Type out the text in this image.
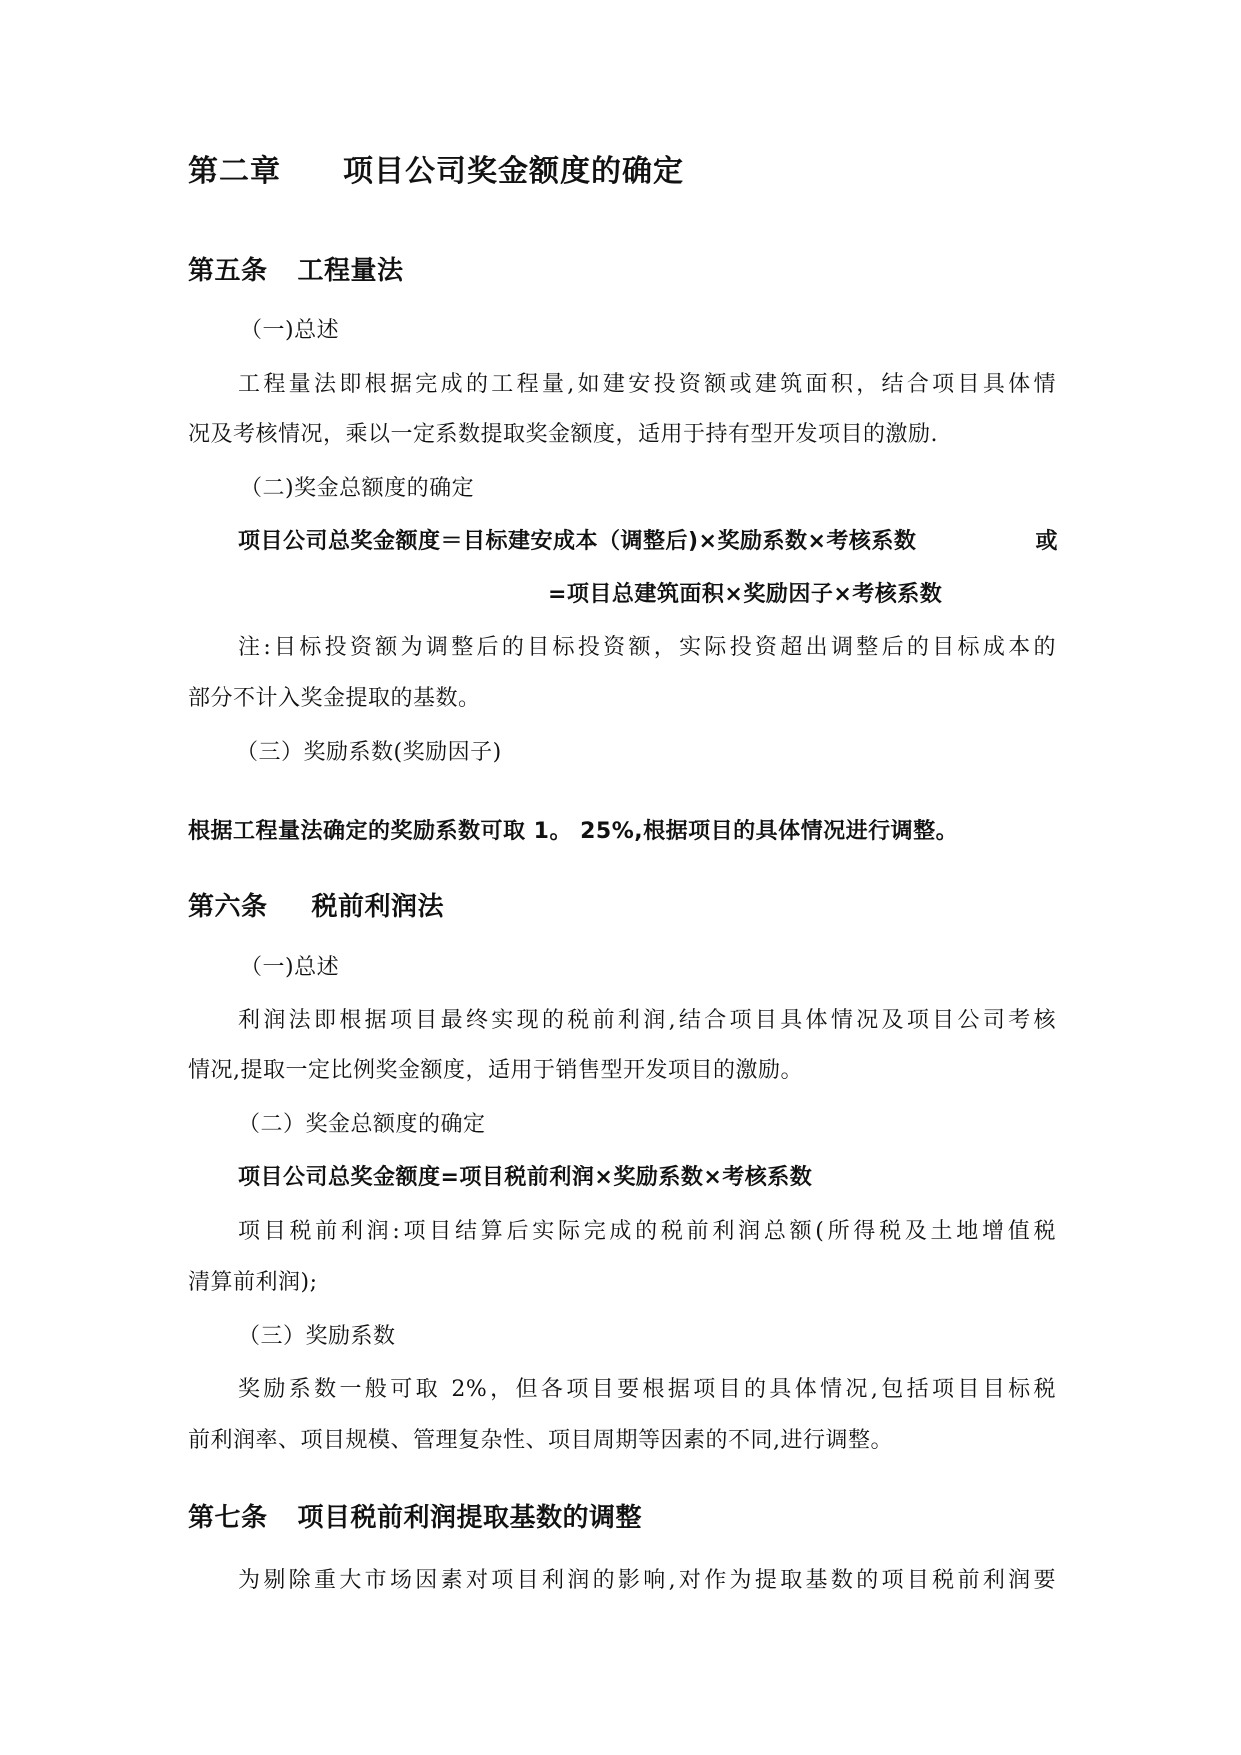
第二章 项目公司奖金额度的确定
第五条 工程量法
（一)总述
工程量法即根据完成的工程量,如建安投资额或建筑面积，结合项目具体情
况及考核情况，乘以一定系数提取奖金额度，适用于持有型开发项目的激励.
（二)奖金总额度的确定
项目公司总奖金额度＝目标建安成本（调整后)×奖励系数×考核系数	或
=项目总建筑面积×奖励因子×考核系数
注:目标投资额为调整后的目标投资额，实际投资超出调整后的目标成本的
部分不计入奖金提取的基数。
（三）奖励系数(奖励因子)
根据工程量法确定的奖励系数可取 1。 25%,根据项目的具体情况进行调整。
第六条 税前利润法
（一)总述
利润法即根据项目最终实现的税前利润,结合项目具体情况及项目公司考核
情况,提取一定比例奖金额度，适用于销售型开发项目的激励。
（二）奖金总额度的确定
项目公司总奖金额度=项目税前利润×奖励系数×考核系数
项目税前利润:项目结算后实际完成的税前利润总额(所得税及土地增值税
清算前利润);
（三）奖励系数
奖励系数一般可取 2%，但各项目要根据项目的具体情况,包括项目目标税
前利润率、项目规模、管理复杂性、项目周期等因素的不同,进行调整。
第七条 项目税前利润提取基数的调整
为剔除重大市场因素对项目利润的影响,对作为提取基数的项目税前利润要
